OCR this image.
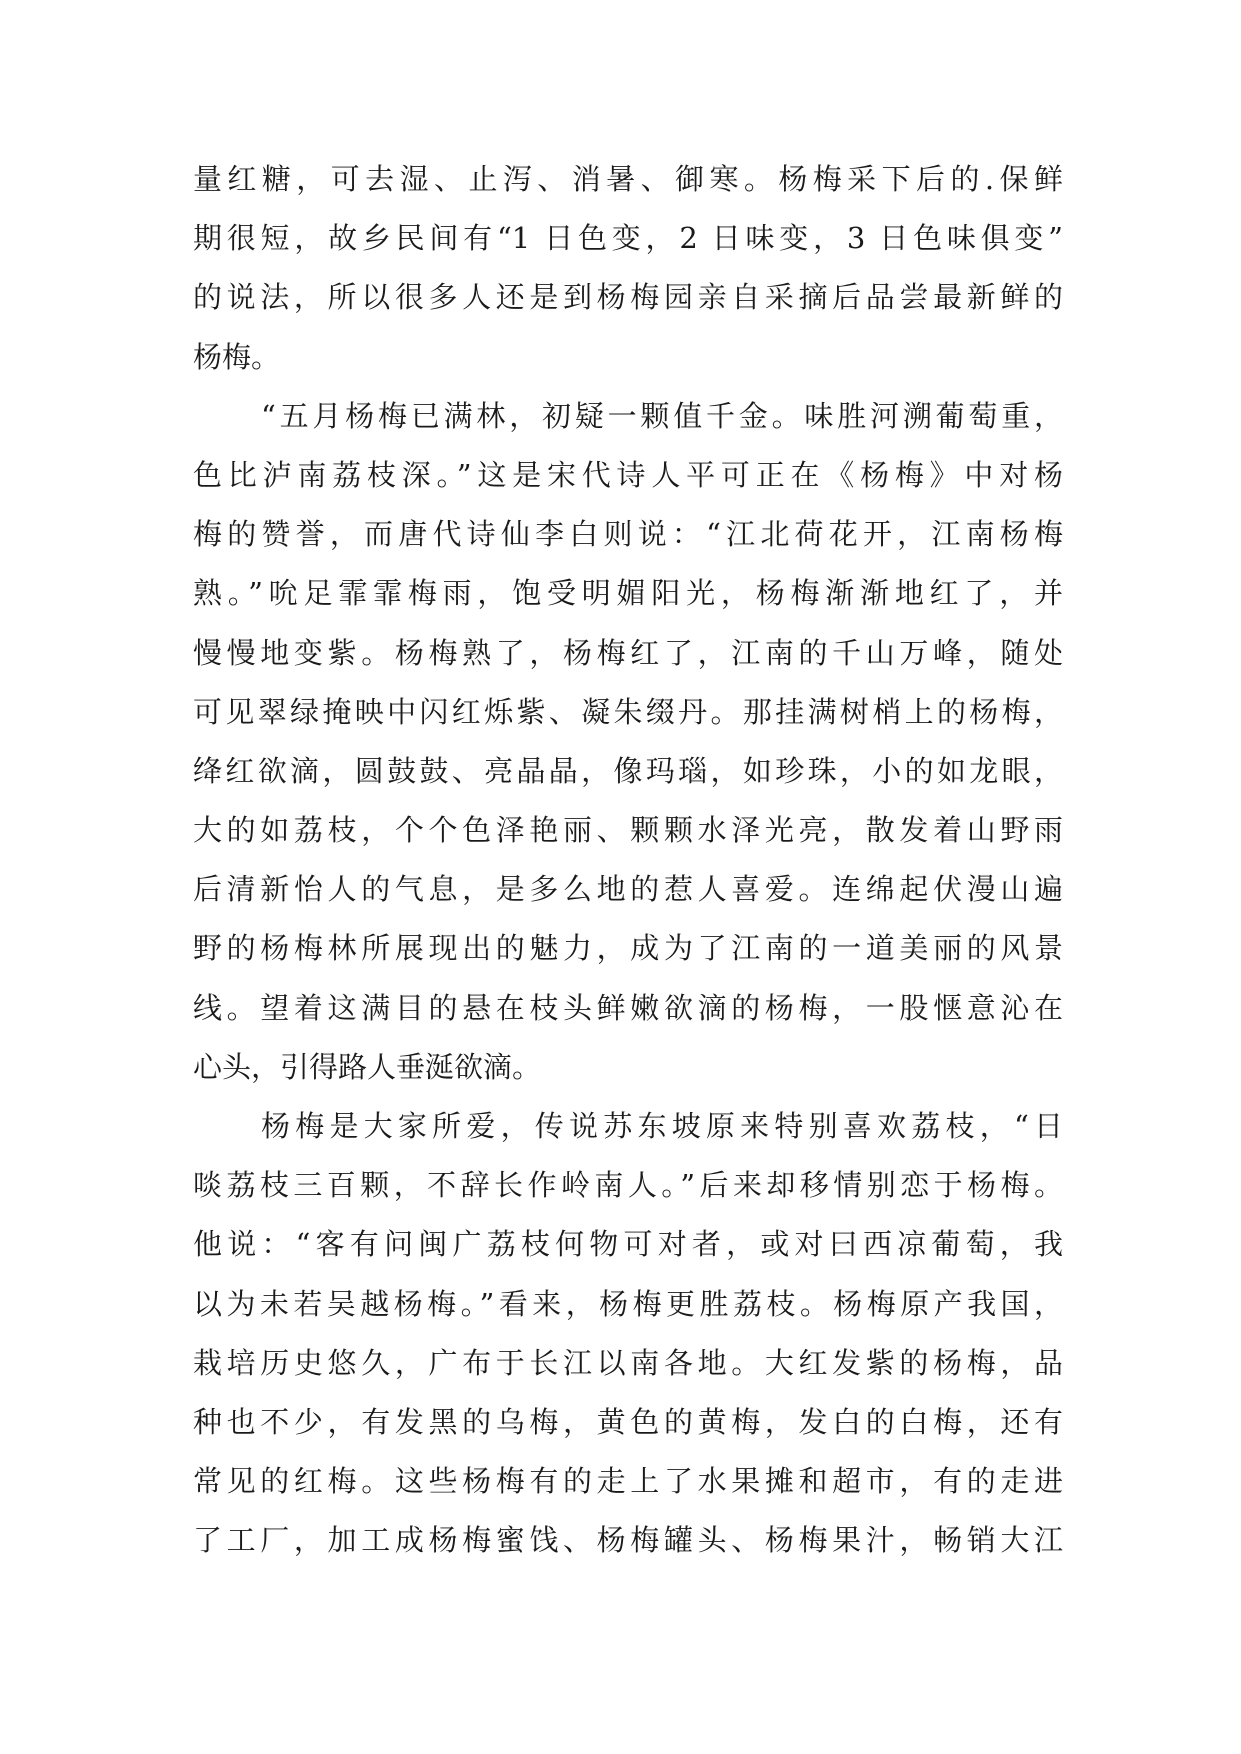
量红糖，可去湿、止泻、消暑、御寒。杨梅采下后的.保鲜
期很短，故乡民间有“1 日色变，2 日味变，3 日色味俱变”
的说法，所以很多人还是到杨梅园亲自采摘后品尝最新鲜的
杨梅。
“五月杨梅已满林，初疑一颗值千金。味胜河溯葡萄重，
色比泸南荔枝深。”这是宋代诗人平可正在《杨梅》中对杨
梅的赞誉，而唐代诗仙李白则说：“江北荷花开，江南杨梅
熟。”吮足霏霏梅雨，饱受明媚阳光，杨梅渐渐地红了，并
慢慢地变紫。杨梅熟了，杨梅红了，江南的千山万峰，随处
可见翠绿掩映中闪红烁紫、凝朱缀丹。那挂满树梢上的杨梅，
绛红欲滴，圆鼓鼓、亮晶晶，像玛瑙，如珍珠，小的如龙眼，
大的如荔枝，个个色泽艳丽、颗颗水泽光亮，散发着山野雨
后清新怡人的气息，是多么地的惹人喜爱。连绵起伏漫山遍
野的杨梅林所展现出的魅力，成为了江南的一道美丽的风景
线。望着这满目的悬在枝头鲜嫩欲滴的杨梅，一股惬意沁在
心头，引得路人垂涎欲滴。
杨梅是大家所爱，传说苏东坡原来特别喜欢荔枝，“日
啖荔枝三百颗，不辞长作岭南人。”后来却移情别恋于杨梅。
他说：“客有问闽广荔枝何物可对者，或对曰西凉葡萄，我
以为未若吴越杨梅。”看来，杨梅更胜荔枝。杨梅原产我国，
栽培历史悠久，广布于长江以南各地。大红发紫的杨梅，品
种也不少，有发黑的乌梅，黄色的黄梅，发白的白梅，还有
常见的红梅。这些杨梅有的走上了水果摊和超市，有的走进
了工厂，加工成杨梅蜜饯、杨梅罐头、杨梅果汁，畅销大江
